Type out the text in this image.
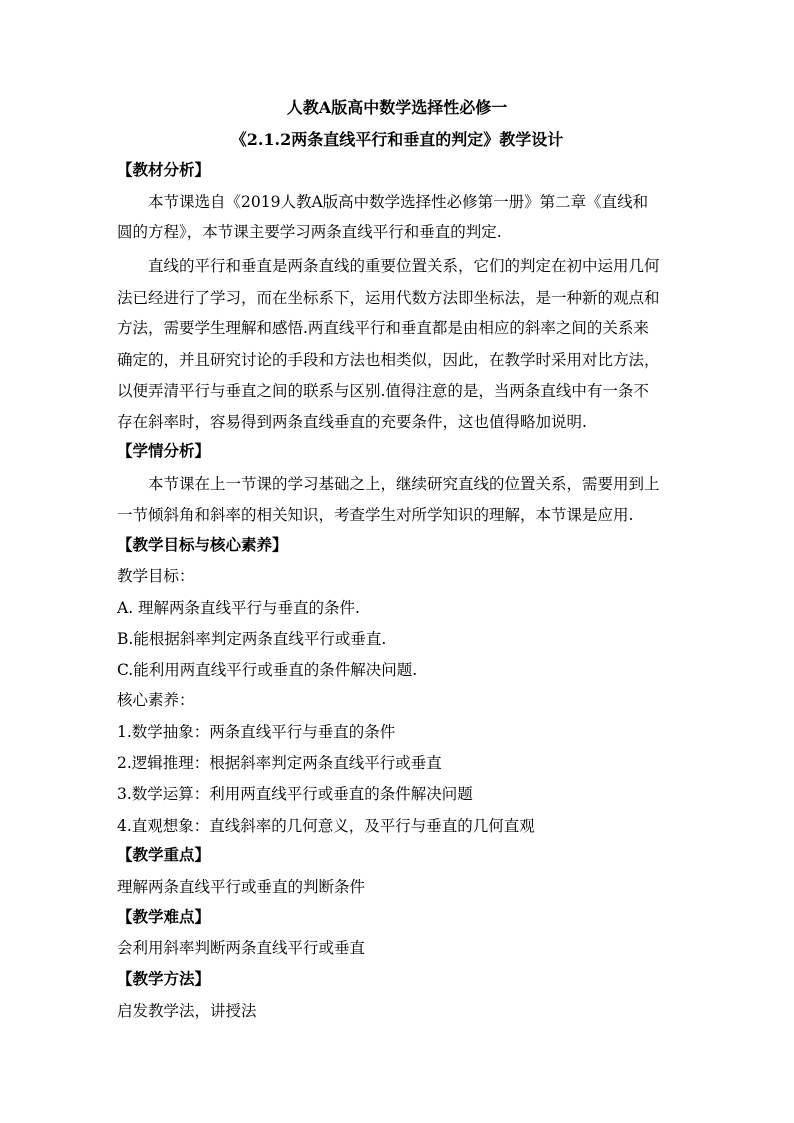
人教A版高中数学选择性必修一
《2.1.2两条直线平行和垂直的判定》教学设计
【教材分析】
本节课选自《2019人教A版高中数学选择性必修第一册》第二章《直线和
圆的方程》，本节课主要学习两条直线平行和垂直的判定.
直线的平行和垂直是两条直线的重要位置关系，它们的判定在初中运用几何
法已经进行了学习，而在坐标系下，运用代数方法即坐标法，是一种新的观点和
方法，需要学生理解和感悟.两直线平行和垂直都是由相应的斜率之间的关系来
确定的，并且研究讨论的手段和方法也相类似，因此，在教学时采用对比方法，
以便弄清平行与垂直之间的联系与区别.值得注意的是，当两条直线中有一条不
存在斜率时，容易得到两条直线垂直的充要条件，这也值得略加说明.
【学情分析】
本节课在上一节课的学习基础之上，继续研究直线的位置关系，需要用到上
一节倾斜角和斜率的相关知识，考查学生对所学知识的理解，本节课是应用.
【教学目标与核心素养】
教学目标：
A. 理解两条直线平行与垂直的条件.
B.能根据斜率判定两条直线平行或垂直.
C.能利用两直线平行或垂直的条件解决问题.
核心素养：
1.数学抽象：两条直线平行与垂直的条件
2.逻辑推理：根据斜率判定两条直线平行或垂直
3.数学运算：利用两直线平行或垂直的条件解决问题
4.直观想象：直线斜率的几何意义，及平行与垂直的几何直观
【教学重点】
理解两条直线平行或垂直的判断条件
【教学难点】
会利用斜率判断两条直线平行或垂直
【教学方法】
启发教学法，讲授法
